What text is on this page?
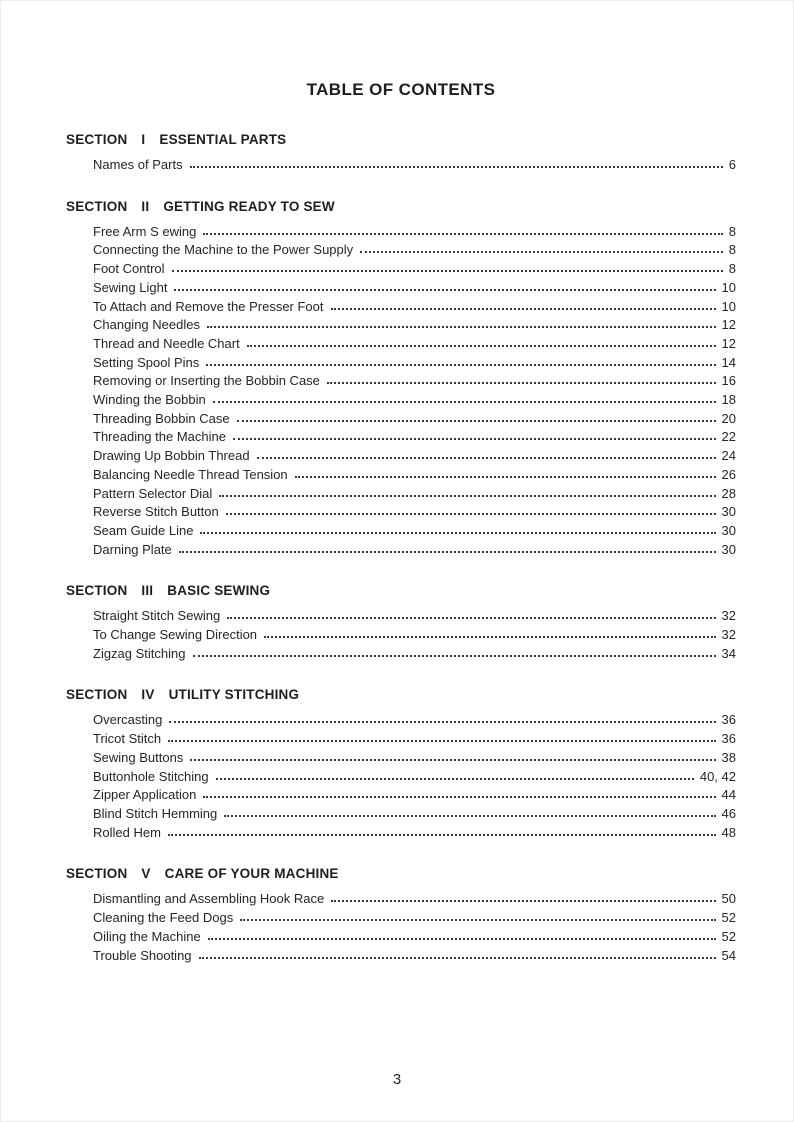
TABLE OF CONTENTS
SECTION I ESSENTIAL PARTS
Names of Parts	6
SECTION II GETTING READY TO SEW
Free Arm S ewing	8
Connecting the Machine to the Power Supply	8
Foot Control	8
Sewing Light	10
To Attach and Remove the Presser Foot	10
Changing Needles	12
Thread and Needle Chart	12
Setting Spool Pins	14
Removing or Inserting the Bobbin Case	16
Winding the Bobbin	18
Threading Bobbin Case	20
Threading the Machine	22
Drawing Up Bobbin Thread	24
Balancing Needle Thread Tension	26
Pattern Selector Dial	28
Reverse Stitch Button	30
Seam Guide Line	30
Darning Plate	30
SECTION III BASIC SEWING
Straight Stitch Sewing	32
To Change Sewing Direction	32
Zigzag Stitching	34
SECTION IV UTILITY STITCHING
Overcasting	36
Tricot Stitch	36
Sewing Buttons	38
Buttonhole Stitching	40, 42
Zipper Application	44
Blind Stitch Hemming	46
Rolled Hem	48
SECTION V CARE OF YOUR MACHINE
Dismantling and Assembling Hook Race	50
Cleaning the Feed Dogs	52
Oiling the Machine	52
Trouble Shooting	54
3
